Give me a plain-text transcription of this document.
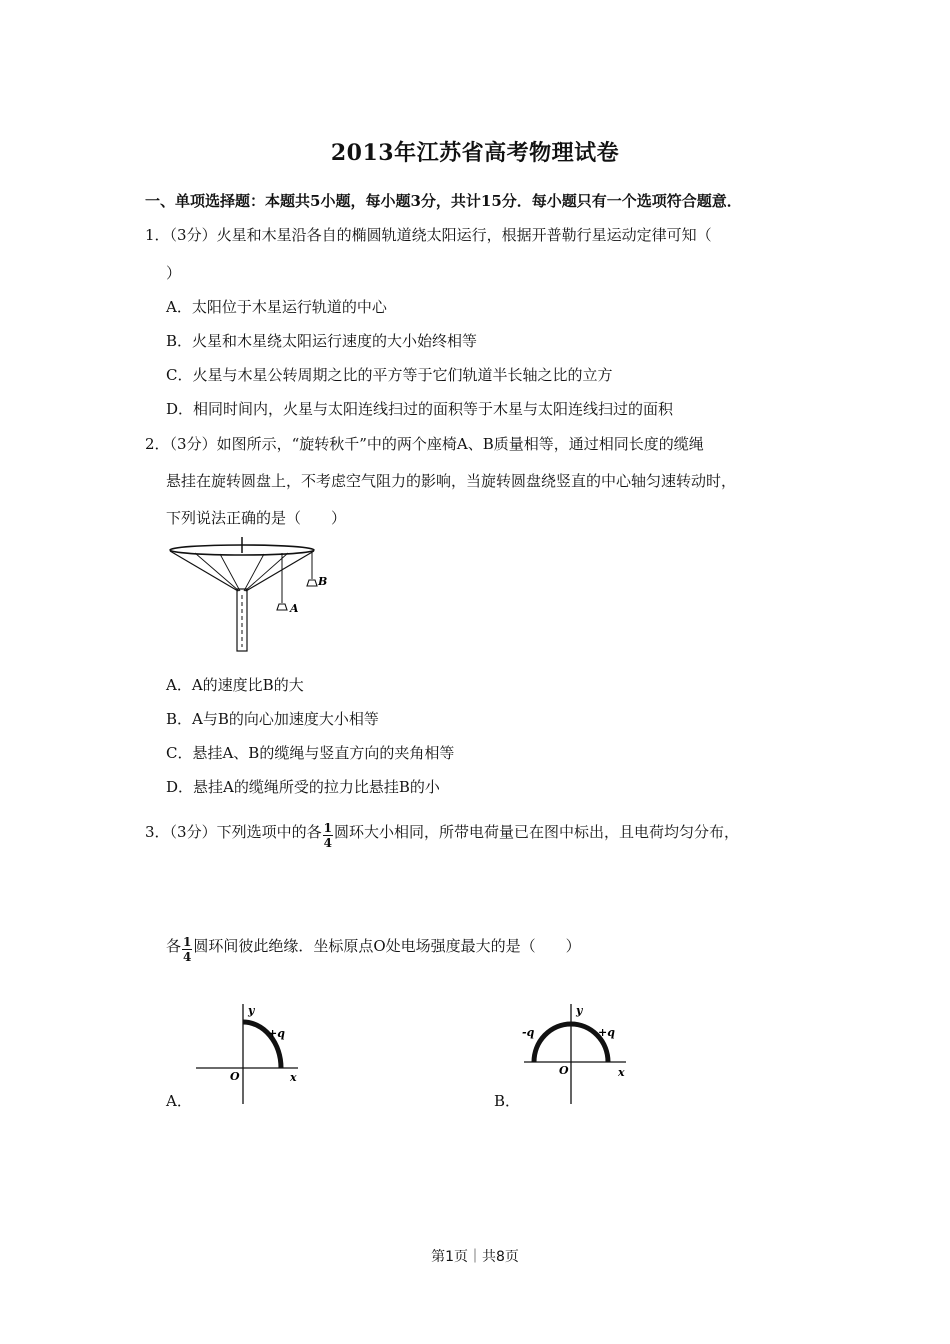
2013年江苏省高考物理试卷
一、单项选择题：本题共5小题，每小题3分，共计15分．每小题只有一个选项符合题意．
1．（3分）火星和木星沿各自的椭圆轨道绕太阳运行，根据开普勒行星运动定律可知（
）
A．太阳位于木星运行轨道的中心
B．火星和木星绕太阳运行速度的大小始终相等
C．火星与木星公转周期之比的平方等于它们轨道半长轴之比的立方
D．相同时间内，火星与太阳连线扫过的面积等于木星与太阳连线扫过的面积
2．（3分）如图所示，“旋转秋千”中的两个座椅A、B质量相等，通过相同长度的缆绳
悬挂在旋转圆盘上，不考虑空气阻力的影响，当旋转圆盘绕竖直的中心轴匀速转动时，
下列说法正确的是（　　）
A
B
A．A的速度比B的大
B．A与B的向心加速度大小相等
C．悬挂A、B的缆绳与竖直方向的夹角相等
D．悬挂A的缆绳所受的拉力比悬挂B的小
3．（3分）下列选项中的各 $\frac{1}{4}$ 圆环大小相同，所带电荷量已在图中标出，且电荷均匀分布，
各 $\frac{1}{4}$ 圆环间彼此绝缘．坐标原点O处电场强度最大的是（　　）
A．
y
x
O
+q
B．
y
x
O
-q	+q
第1页｜共8页
